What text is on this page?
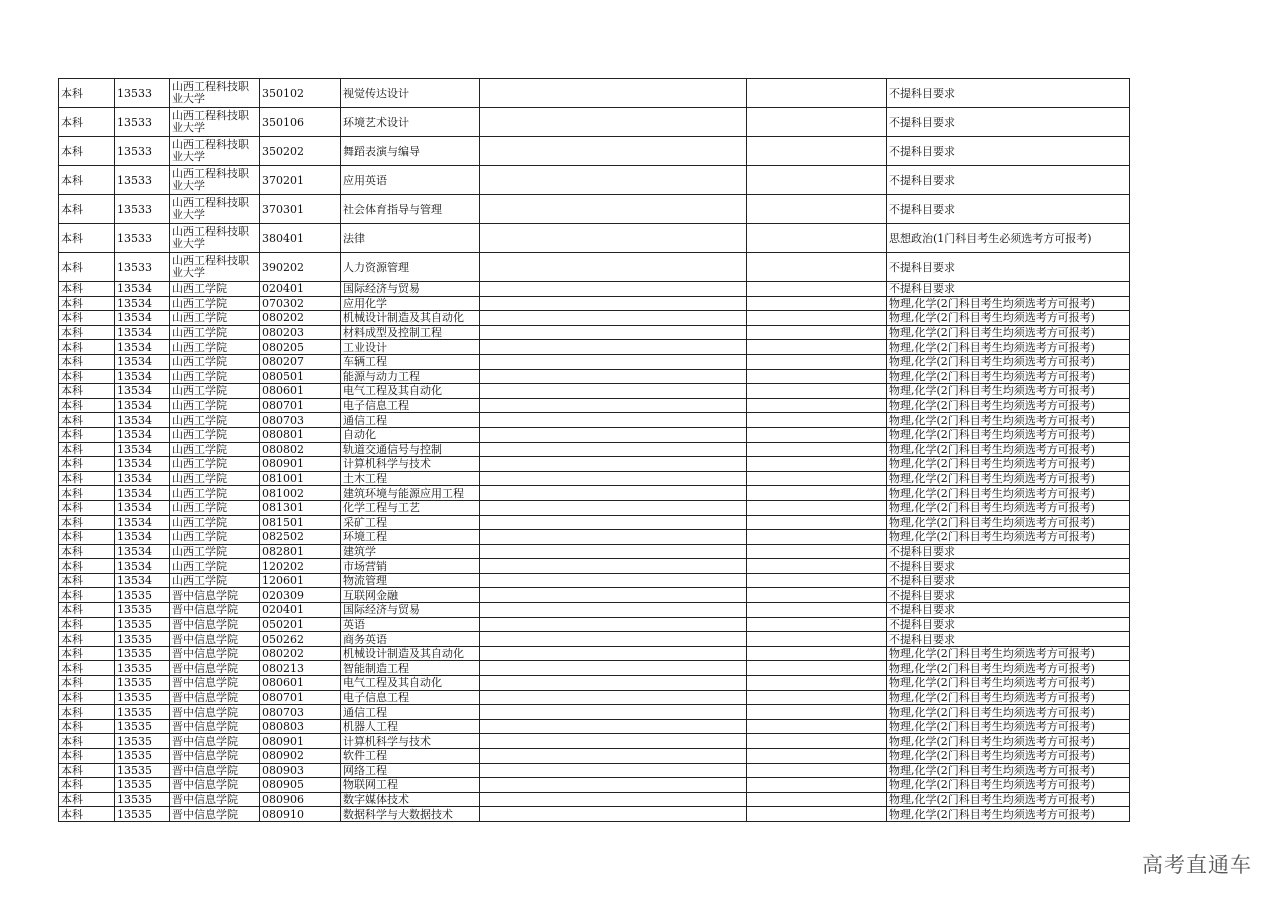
本科	13533	山西工程科技职业大学	350102	视觉传达设计			不提科目要求
本科	13533	山西工程科技职业大学	350106	环境艺术设计			不提科目要求
本科	13533	山西工程科技职业大学	350202	舞蹈表演与编导			不提科目要求
本科	13533	山西工程科技职业大学	370201	应用英语			不提科目要求
本科	13533	山西工程科技职业大学	370301	社会体育指导与管理			不提科目要求
本科	13533	山西工程科技职业大学	380401	法律			思想政治(1门科目考生必须选考方可报考)
本科	13533	山西工程科技职业大学	390202	人力资源管理			不提科目要求
本科	13534	山西工学院	020401	国际经济与贸易			不提科目要求
本科	13534	山西工学院	070302	应用化学			物理,化学(2门科目考生均须选考方可报考)
本科	13534	山西工学院	080202	机械设计制造及其自动化			物理,化学(2门科目考生均须选考方可报考)
本科	13534	山西工学院	080203	材料成型及控制工程			物理,化学(2门科目考生均须选考方可报考)
本科	13534	山西工学院	080205	工业设计			物理,化学(2门科目考生均须选考方可报考)
本科	13534	山西工学院	080207	车辆工程			物理,化学(2门科目考生均须选考方可报考)
本科	13534	山西工学院	080501	能源与动力工程			物理,化学(2门科目考生均须选考方可报考)
本科	13534	山西工学院	080601	电气工程及其自动化			物理,化学(2门科目考生均须选考方可报考)
本科	13534	山西工学院	080701	电子信息工程			物理,化学(2门科目考生均须选考方可报考)
本科	13534	山西工学院	080703	通信工程			物理,化学(2门科目考生均须选考方可报考)
本科	13534	山西工学院	080801	自动化			物理,化学(2门科目考生均须选考方可报考)
本科	13534	山西工学院	080802	轨道交通信号与控制			物理,化学(2门科目考生均须选考方可报考)
本科	13534	山西工学院	080901	计算机科学与技术			物理,化学(2门科目考生均须选考方可报考)
本科	13534	山西工学院	081001	土木工程			物理,化学(2门科目考生均须选考方可报考)
本科	13534	山西工学院	081002	建筑环境与能源应用工程			物理,化学(2门科目考生均须选考方可报考)
本科	13534	山西工学院	081301	化学工程与工艺			物理,化学(2门科目考生均须选考方可报考)
本科	13534	山西工学院	081501	采矿工程			物理,化学(2门科目考生均须选考方可报考)
本科	13534	山西工学院	082502	环境工程			物理,化学(2门科目考生均须选考方可报考)
本科	13534	山西工学院	082801	建筑学			不提科目要求
本科	13534	山西工学院	120202	市场营销			不提科目要求
本科	13534	山西工学院	120601	物流管理			不提科目要求
本科	13535	晋中信息学院	020309	互联网金融			不提科目要求
本科	13535	晋中信息学院	020401	国际经济与贸易			不提科目要求
本科	13535	晋中信息学院	050201	英语			不提科目要求
本科	13535	晋中信息学院	050262	商务英语			不提科目要求
本科	13535	晋中信息学院	080202	机械设计制造及其自动化			物理,化学(2门科目考生均须选考方可报考)
本科	13535	晋中信息学院	080213	智能制造工程			物理,化学(2门科目考生均须选考方可报考)
本科	13535	晋中信息学院	080601	电气工程及其自动化			物理,化学(2门科目考生均须选考方可报考)
本科	13535	晋中信息学院	080701	电子信息工程			物理,化学(2门科目考生均须选考方可报考)
本科	13535	晋中信息学院	080703	通信工程			物理,化学(2门科目考生均须选考方可报考)
本科	13535	晋中信息学院	080803	机器人工程			物理,化学(2门科目考生均须选考方可报考)
本科	13535	晋中信息学院	080901	计算机科学与技术			物理,化学(2门科目考生均须选考方可报考)
本科	13535	晋中信息学院	080902	软件工程			物理,化学(2门科目考生均须选考方可报考)
本科	13535	晋中信息学院	080903	网络工程			物理,化学(2门科目考生均须选考方可报考)
本科	13535	晋中信息学院	080905	物联网工程			物理,化学(2门科目考生均须选考方可报考)
本科	13535	晋中信息学院	080906	数字媒体技术			物理,化学(2门科目考生均须选考方可报考)
本科	13535	晋中信息学院	080910	数据科学与大数据技术			物理,化学(2门科目考生均须选考方可报考)
高考直通车
